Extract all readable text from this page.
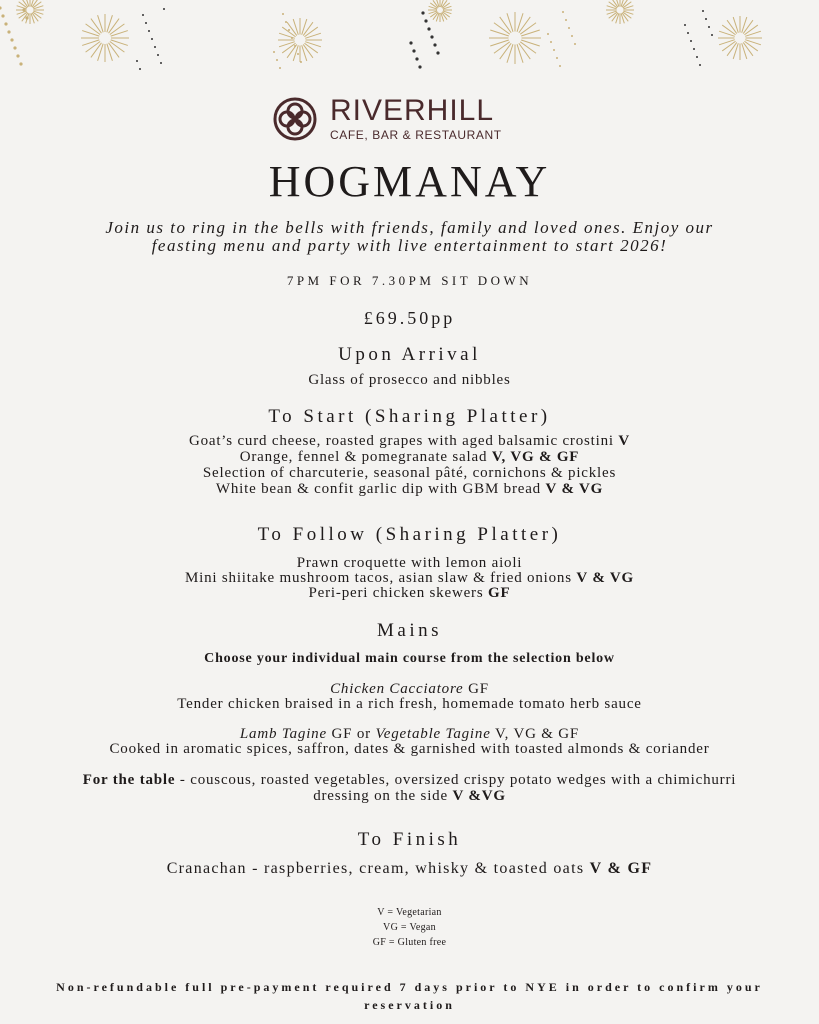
RIVERHILL
CAFE, BAR & RESTAURANT
HOGMANAY
Join us to ring in the bells with friends, family and loved ones. Enjoy our
feasting menu and party with live entertainment to start 2026!
7PM FOR 7.30PM SIT DOWN
£69.50pp
Upon Arrival
Glass of prosecco and nibbles
To Start (Sharing Platter)
Goat’s curd cheese, roasted grapes with aged balsamic crostini V
Orange, fennel & pomegranate salad V, VG & GF
Selection of charcuterie, seasonal pâté, cornichons & pickles
White bean & confit garlic dip with GBM bread V & VG
To Follow (Sharing Platter)
Prawn croquette with lemon aioli
Mini shiitake mushroom tacos, asian slaw & fried onions V & VG
Peri-peri chicken skewers GF
Mains
Choose your individual main course from the selection below
Chicken Cacciatore GF
Tender chicken braised in a rich fresh, homemade tomato herb sauce
Lamb Tagine GF or Vegetable Tagine V, VG & GF
Cooked in aromatic spices, saffron, dates & garnished with toasted almonds & coriander
For the table - couscous, roasted vegetables, oversized crispy potato wedges with a chimichurri
dressing on the side V &VG
To Finish
Cranachan - raspberries, cream, whisky & toasted oats V & GF
V = Vegetarian
VG = Vegan
GF = Gluten free
Non-refundable full pre-payment required 7 days prior to NYE in order to confirm your
reservation
